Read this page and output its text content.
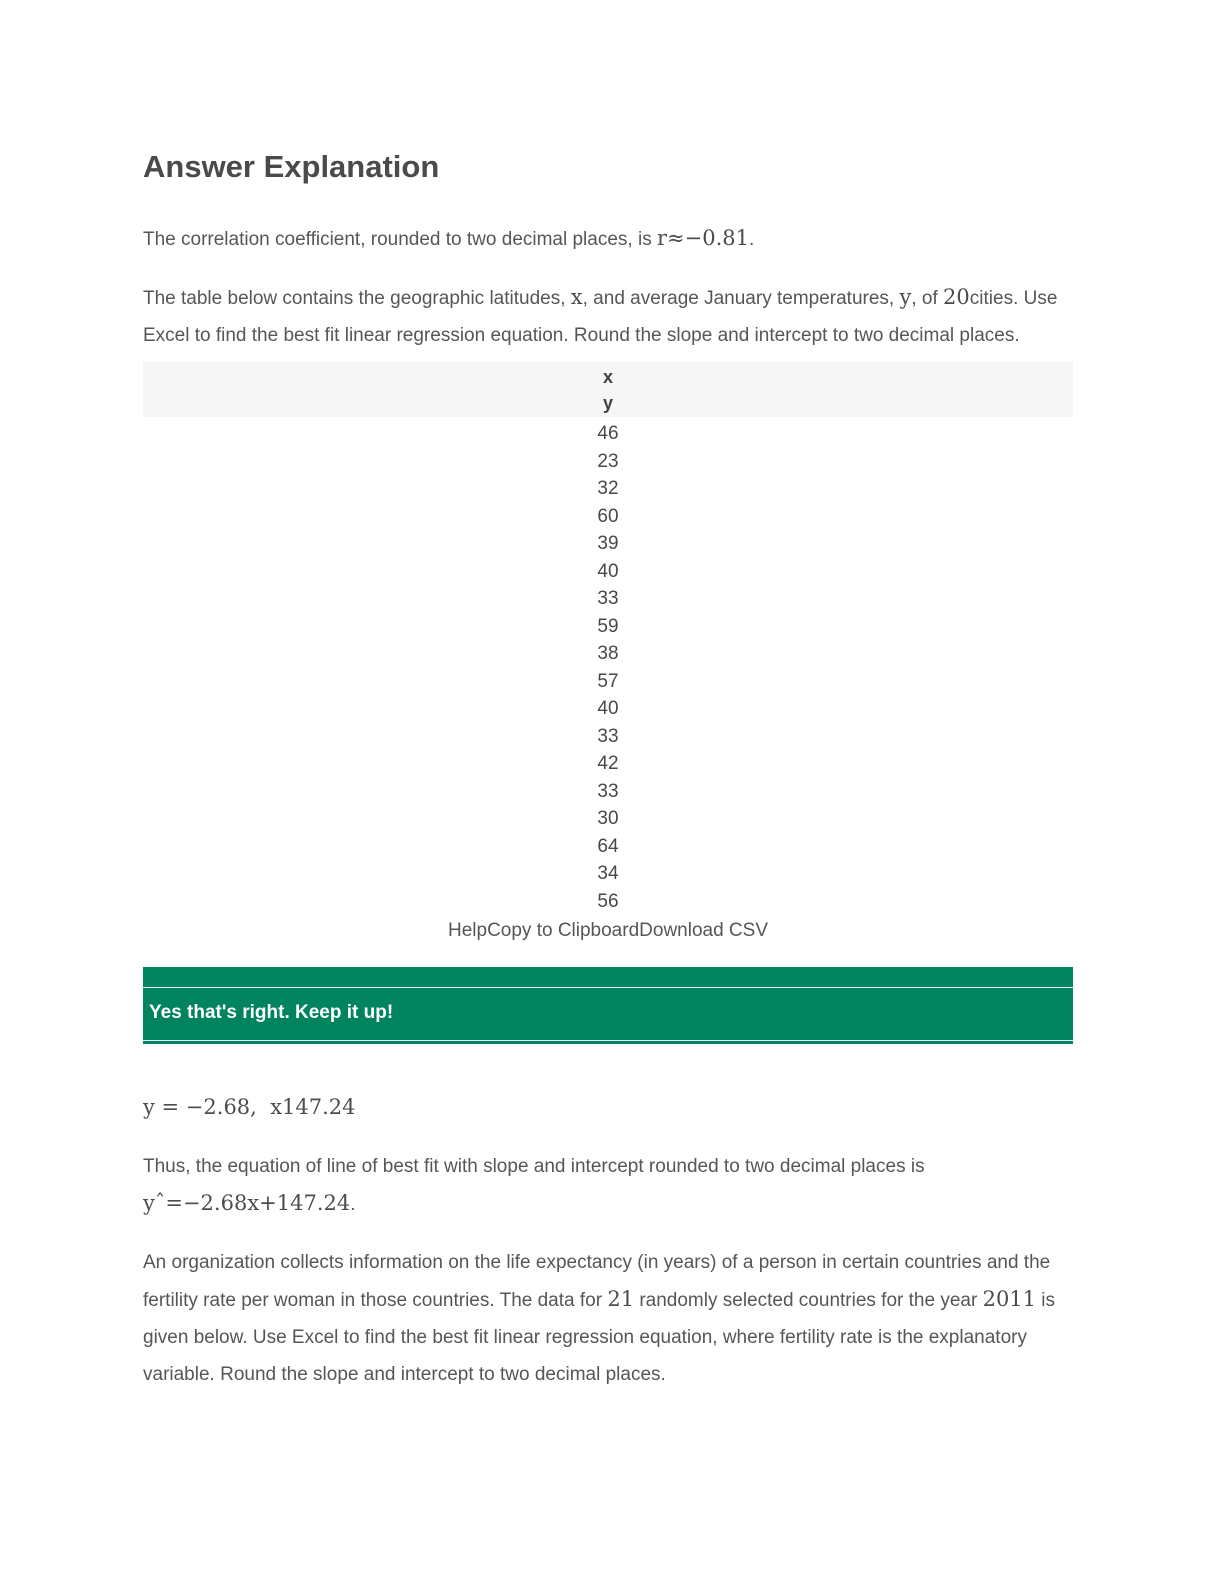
Answer Explanation

The correlation coefficient, rounded to two decimal places, is r≈−0.81.

The table below contains the geographic latitudes, x, and average January temperatures, y, of 20cities. Use Excel to find the best fit linear regression equation. Round the slope and intercept to two decimal places.

x
y
46
23
32
60
39
40
33
59
38
57
40
33
42
33
30
64
34
56
HelpCopy to ClipboardDownload CSV
Yes that's right. Keep it up!

y = −2.68,  x147.24

Thus, the equation of line of best fit with slope and intercept rounded to two decimal places is yˆ=−2.68x+147.24.

An organization collects information on the life expectancy (in years) of a person in certain countries and the fertility rate per woman in those countries. The data for 21 randomly selected countries for the year 2011 is given below. Use Excel to find the best fit linear regression equation, where fertility rate is the explanatory variable. Round the slope and intercept to two decimal places.
